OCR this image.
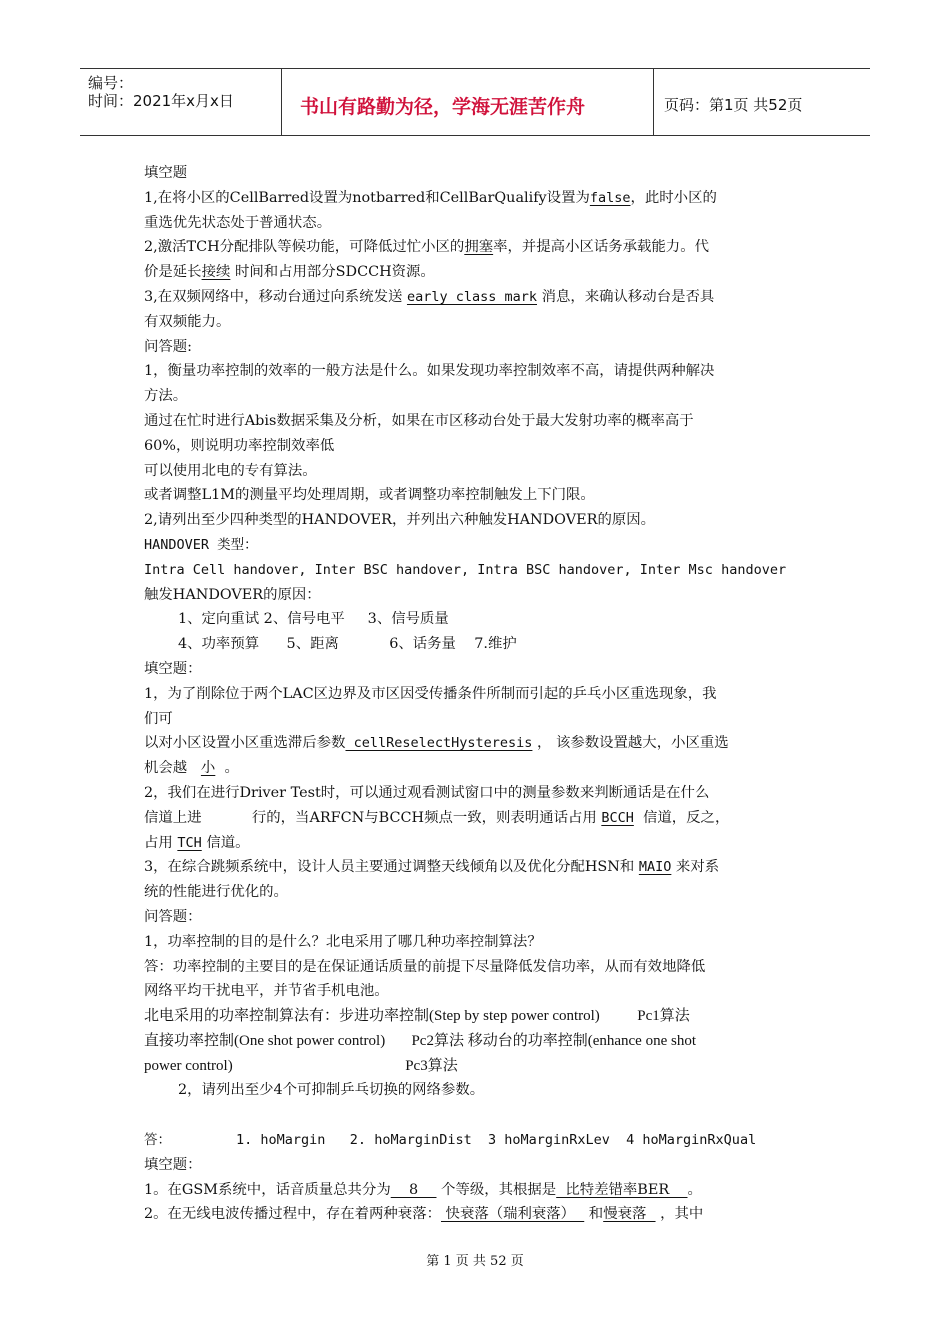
编号：
时间：2021年x月x日	书山有路勤为径，学海无涯苦作舟	页码：第1页 共52页
填空题
1,在将小区的CellBarred设置为notbarred和CellBarQualify设置为false，此时小区的
重选优先状态处于普通状态。
2,激活TCH分配排队等候功能，可降低过忙小区的拥塞率，并提高小区话务承载能力。代
价是延长接续 时间和占用部分SDCCH资源。
3,在双频网络中，移动台通过向系统发送 early class mark 消息，来确认移动台是否具
有双频能力。
问答题:
1，衡量功率控制的效率的一般方法是什么。如果发现功率控制效率不高，请提供两种解决
方法。
通过在忙时进行Abis数据采集及分析，如果在市区移动台处于最大发射功率的概率高于
60%，则说明功率控制效率低
可以使用北电的专有算法。
或者调整L1M的测量平均处理周期，或者调整功率控制触发上下门限。
2,请列出至少四种类型的HANDOVER，并列出六种触发HANDOVER的原因。
HANDOVER 类型：
Intra Cell handover, Inter BSC handover, Intra BSC handover, Inter Msc handover
触发HANDOVER的原因：
1、定向重试 2、信号电平     3、信号质量
4、功率预算      5、距离           6、话务量    7.维护
填空题：
1，为了削除位于两个LAC区边界及市区因受传播条件所制而引起的乒乓小区重选现象，我
们可
以对小区设置小区重选滞后参数 cellReselectHysteresis ， 该参数设置越大，小区重选
机会越   小  。
2，我们在进行Driver Test时，可以通过观看测试窗口中的测量参数来判断通话是在什么
信道上进           行的，当ARFCN与BCCH频点一致，则表明通话占用 BCCH  信道，反之，
占用 TCH 信道。
3，在综合跳频系统中，设计人员主要通过调整天线倾角以及优化分配HSN和 MAIO 来对系
统的性能进行优化的。
问答题：
1，功率控制的目的是什么？北电采用了哪几种功率控制算法？
答：功率控制的主要目的是在保证通话质量的前提下尽量降低发信功率，从而有效地降低
网络平均干扰电平，并节省手机电池。
北电采用的功率控制算法有：步进功率控制(Step by step power control)          Pc1算法
直接功率控制(One shot power control)       Pc2算法 移动台的功率控制(enhance one shot
power control)                                              Pc3算法
2，请列出至少4个可抑制乒乓切换的网络参数。
答：        1. hoMargin   2. hoMarginDist  3 hoMarginRxLev  4 hoMarginRxQual
填空题：
1。在GSM系统中，话音质量总共分为    8     个等级，其根据是  比特差错率BER    。
2。在无线电波传播过程中，存在着两种衰落： 快衰落（瑞利衰落）   和慢衰落   ，其中
第 1 页 共 52 页
